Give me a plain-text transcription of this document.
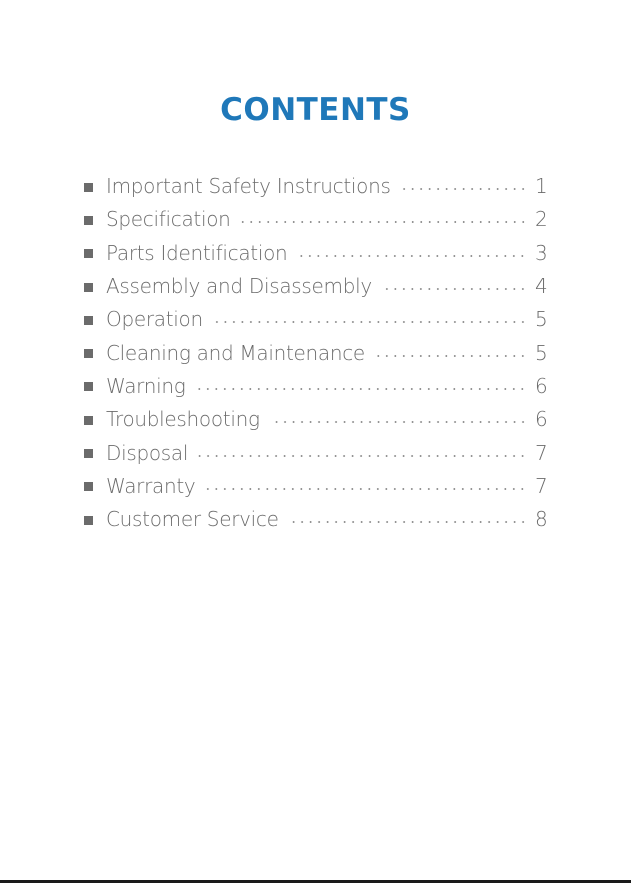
CONTENTS
Important Safety Instructions	1
Specification	2
Parts Identification	3
Assembly and Disassembly	4
Operation	5
Cleaning and Maintenance	5
Warning	6
Troubleshooting	6
Disposal	7
Warranty	7
Customer Service	8
